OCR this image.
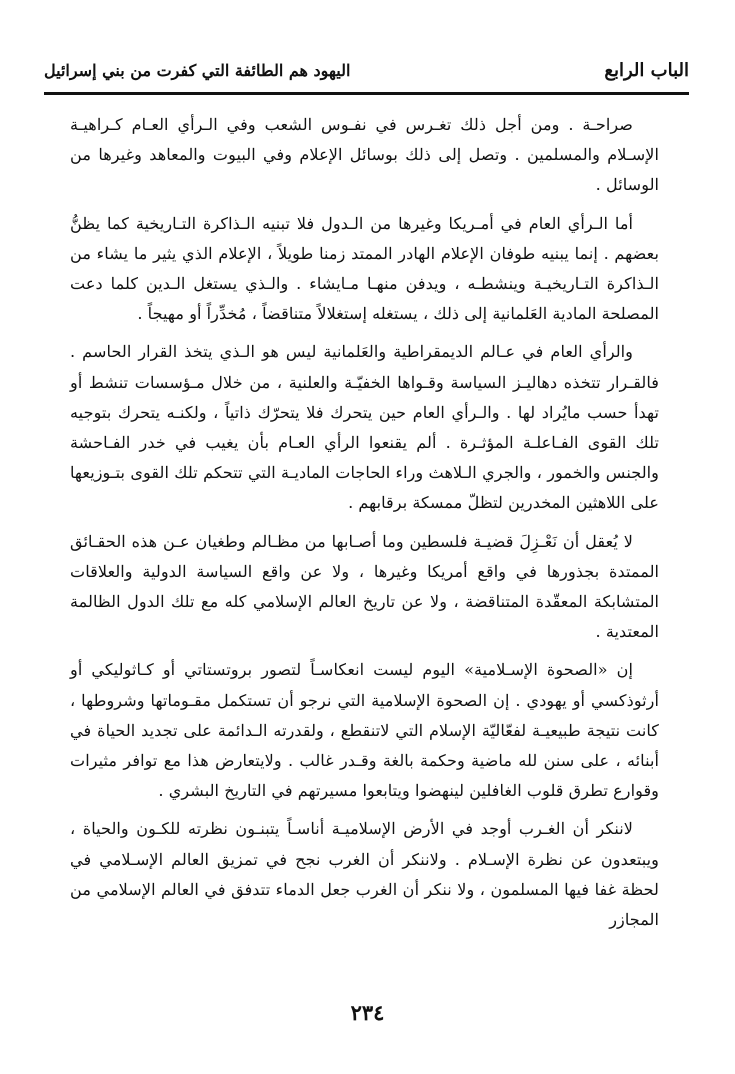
الباب الرابع
اليهود هم الطائفة التي كفرت من بني إسرائيل

صراحـة . ومن أجل ذلك تغـرس في نفـوس الشعب وفي الـرأي العـام كـراهيـة الإسـلام والمسلمين . وتصل إلى ذلك بوسائل الإعلام وفي البيوت والمعاهد وغيرها من الوسائل .

أما الـرأي العام في أمـريكا وغيرها من الـدول فلا تبنيه الـذاكرة التـاريخية كما يظنُّ بعضهم . إنما يبنيه طوفان الإعلام الهادر الممتد زمنا طويلاً ، الإعلام الذي يثير ما يشاء من الـذاكرة التـاريخيـة وينشطـه ، ويدفن منهـا مـايشاء . والـذي يستغل الـدين كلما دعت المصلحة المادية العَلمانية إلى ذلك ، يستغله إستغلالاً متناقضاً ، مُخدِّراً أو مهيجاً .

والرأي العام في عـالم الديمقراطية والعَلمانية ليس هو الـذي يتخذ القرار الحاسم . فالقـرار تتخذه دهاليـز السياسة وقـواها الخفيّـة والعلنية ، من خلال مـؤسسات تنشط أو تهدأ حسب مايُراد لها . والـرأي العام حين يتحرك فلا يتحرّك ذاتياً ، ولكنـه يتحرك بتوجيه تلك القوى الفـاعلـة المؤثـرة . ألم يقنعوا الرأي العـام بأن يغيب في خدر الفـاحشة والجنس والخمور ، والجري الـلاهث وراء الحاجات الماديـة التي تتحكم تلك القوى بتـوزيعها على اللاهثين المخدرين لتظلّ ممسكة برقابهم .

لا يُعقل أن نَعْـزِلَ قضيـة فلسطين وما أصـابها من مظـالم وطغيان عـن هذه الحقـائق الممتدة بجذورها في واقع أمريكا وغيرها ، ولا عن واقع السياسة الدولية والعلاقات المتشابكة المعقّدة المتناقضة ، ولا عن تاريخ العالم الإسلامي كله مع تلك الدول الظالمة المعتدية .

إن «الصحوة الإسـلامية» اليوم ليست انعكاسـاً لتصور بروتستاتي أو كـاثوليكي أو أرثوذكسي أو يهودي . إن الصحوة الإسلامية التي نرجو أن تستكمل مقـوماتها وشروطها ، كانت نتيجة طبيعيـة لفعّاليّة الإسلام التي لاتنقطع ، ولقدرته الـدائمة على تجديد الحياة في أبنائه ، على سنن لله ماضية وحكمة بالغة وقـدر غالب . ولايتعارض هذا مع توافر مثيرات وقوارع تطرق قلوب الغافلين لينهضوا ويتابعوا مسيرتهم في التاريخ البشري .

لاننكر أن الغـرب أوجد في الأرض الإسلاميـة أناسـاً يتبنـون نظرته للكـون والحياة ، ويبتعدون عن نظرة الإسـلام . ولاننكر أن الغرب نجح في تمزيق العالم الإسـلامي في لحظة غفا فيها المسلمون ، ولا ننكر أن الغرب جعل الدماء تتدفق في العالم الإسلامي من المجازر

٢٣٤
